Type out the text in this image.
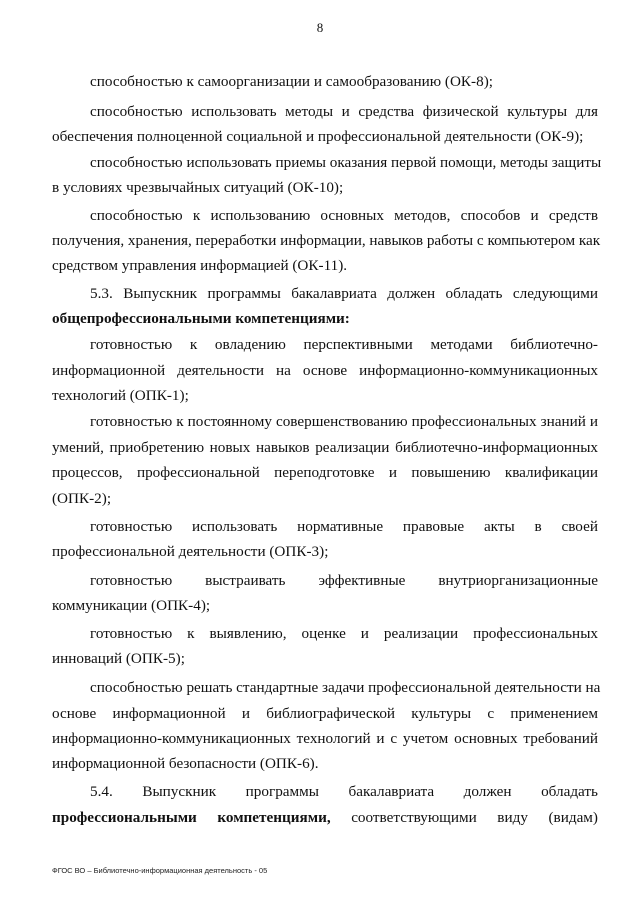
8
способностью к самоорганизации и самообразованию (ОК-8);
способностью использовать методы и средства физической культуры для
обеспечения полноценной социальной и профессиональной деятельности (ОК-9);
способностью использовать приемы оказания первой помощи, методы защиты
в условиях чрезвычайных ситуаций (ОК-10);
способностью к использованию основных методов, способов и средств
получения, хранения, переработки информации, навыков работы с компьютером как
средством управления информацией (ОК-11).
5.3. Выпускник программы бакалавриата должен обладать следующими
общепрофессиональными компетенциями:
готовностью к овладению перспективными методами библиотечно-
информационной деятельности на основе информационно-коммуникационных
технологий (ОПК-1);
готовностью к постоянному совершенствованию профессиональных знаний и
умений, приобретению новых навыков реализации библиотечно-информационных
процессов, профессиональной переподготовке и повышению квалификации
(ОПК-2);
готовностью использовать нормативные правовые акты в своей
профессиональной деятельности (ОПК-3);
готовностью выстраивать эффективные внутриорганизационные
коммуникации (ОПК-4);
готовностью к выявлению, оценке и реализации профессиональных
инноваций (ОПК-5);
способностью решать стандартные задачи профессиональной деятельности на
основе информационной и библиографической культуры с применением
информационно-коммуникационных технологий и с учетом основных требований
информационной безопасности (ОПК-6).
5.4. Выпускник программы бакалавриата должен обладать
профессиональными компетенциями, соответствующими виду (видам)
ФГОС ВО – Библиотечно-информационная деятельность - 05
